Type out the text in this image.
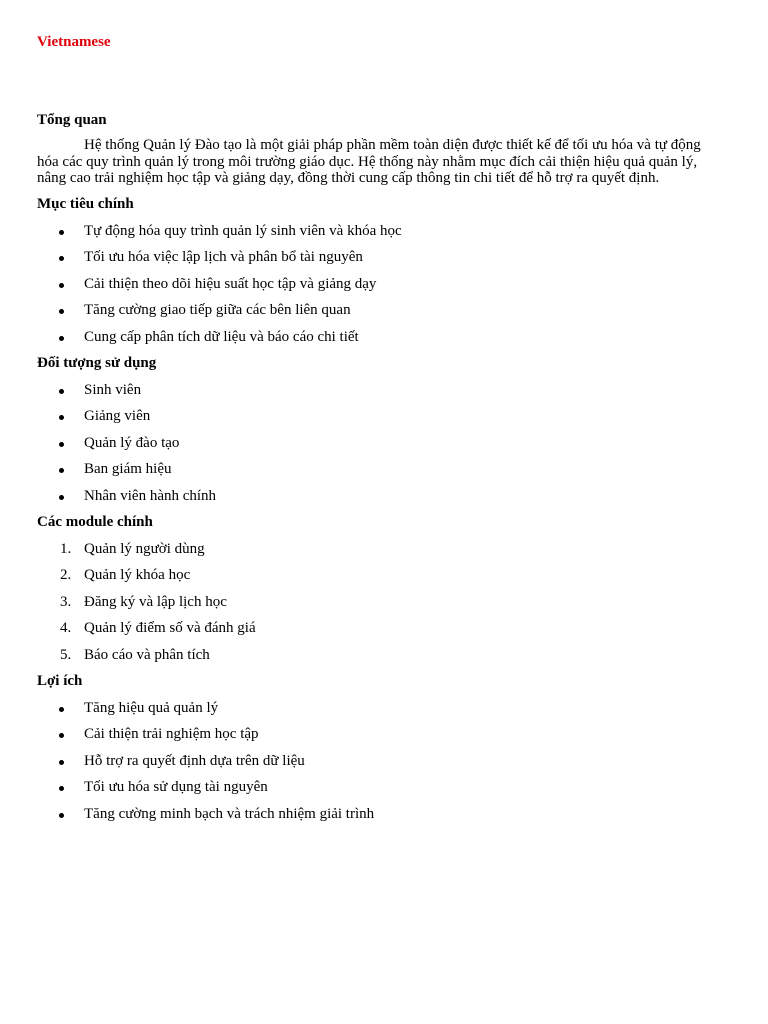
Vietnamese

Tổng quan

Hệ thống Quản lý Đào tạo là một giải pháp phần mềm toàn diện được thiết kế để tối ưu hóa và tự động hóa các quy trình quản lý trong môi trường giáo dục. Hệ thống này nhằm mục đích cải thiện hiệu quả quản lý, nâng cao trải nghiệm học tập và giảng dạy, đồng thời cung cấp thông tin chi tiết để hỗ trợ ra quyết định.

Mục tiêu chính
Tự động hóa quy trình quản lý sinh viên và khóa học
Tối ưu hóa việc lập lịch và phân bổ tài nguyên
Cải thiện theo dõi hiệu suất học tập và giảng dạy
Tăng cường giao tiếp giữa các bên liên quan
Cung cấp phân tích dữ liệu và báo cáo chi tiết
Đối tượng sử dụng
Sinh viên
Giảng viên
Quản lý đào tạo
Ban giám hiệu
Nhân viên hành chính
Các module chính
1. Quản lý người dùng
2. Quản lý khóa học
3. Đăng ký và lập lịch học
4. Quản lý điểm số và đánh giá
5. Báo cáo và phân tích
Lợi ích
Tăng hiệu quả quản lý
Cải thiện trải nghiệm học tập
Hỗ trợ ra quyết định dựa trên dữ liệu
Tối ưu hóa sử dụng tài nguyên
Tăng cường minh bạch và trách nhiệm giải trình
